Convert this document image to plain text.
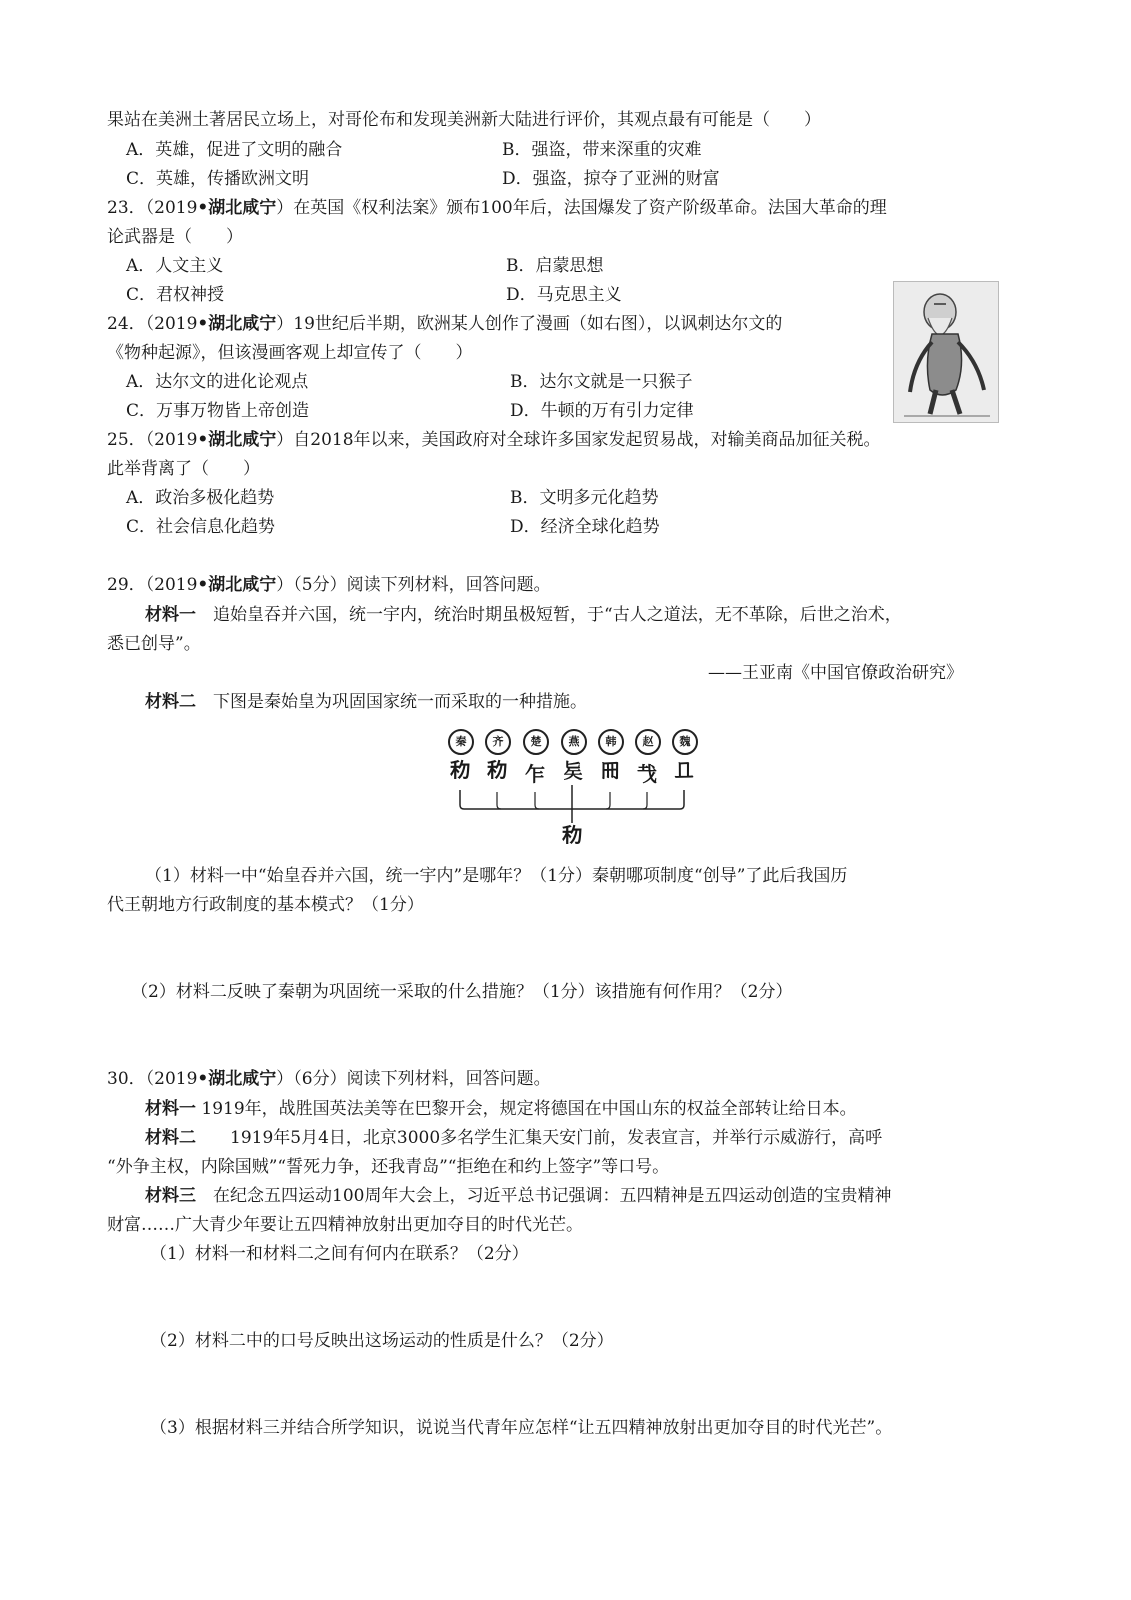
果站在美洲土著居民立场上，对哥伦布和发现美洲新大陆进行评价，其观点最有可能是（　　）
A．英雄，促进了文明的融合	B．强盗，带来深重的灾难
C．英雄，传播欧洲文明	D．强盗，掠夺了亚洲的财富
23．（2019•湖北咸宁）在英国《权利法案》颁布100年后，法国爆发了资产阶级革命。法国大革命的理
论武器是（　　）
A．人文主义	B．启蒙思想
C．君权神授	D．马克思主义
24．（2019•湖北咸宁）19世纪后半期，欧洲某人创作了漫画（如右图），以讽刺达尔文的
《物种起源》，但该漫画客观上却宣传了（　　）
A．达尔文的进化论观点	B．达尔文就是一只猴子
C．万事万物皆上帝创造	D．牛顿的万有引力定律
25．（2019•湖北咸宁）自2018年以来，美国政府对全球许多国家发起贸易战，对输美商品加征关税。
此举背离了（　　）
A．政治多极化趋势	B．文明多元化趋势
C．社会信息化趋势	D．经济全球化趋势
29．（2019•湖北咸宁）（5分）阅读下列材料，回答问题。
材料一　 追始皇吞并六国，统一宇内，统治时期虽极短暂，于“古人之道法，无不革除，后世之治术，
悉已创导”。
——王亚南《中国官僚政治研究》
材料二　 下图是秦始皇为巩固国家统一而采取的一种措施。
秦	齐	楚	燕	韩	赵	魏
𥝢 𥝢 乍 𠤕 𠕁 𢦏 𠀃
𥝢
（1）材料一中“始皇吞并六国，统一宇内”是哪年？（1分）秦朝哪项制度“创导”了此后我国历
代王朝地方行政制度的基本模式？（1分）
（2）材料二反映了秦朝为巩固统一采取的什么措施？（1分）该措施有何作用？（2分）
30．（2019•湖北咸宁）（6分）阅读下列材料，回答问题。
材料一 1919年，战胜国英法美等在巴黎开会，规定将德国在中国山东的权益全部转让给日本。
材料二　　 1919年5月4日，北京3000多名学生汇集天安门前，发表宣言，并举行示威游行，高呼
“外争主权，内除国贼”“誓死力争，还我青岛”“拒绝在和约上签字”等口号。
材料三　 在纪念五四运动100周年大会上，习近平总书记强调：五四精神是五四运动创造的宝贵精神
财富……广大青少年要让五四精神放射出更加夺目的时代光芒。
（1）材料一和材料二之间有何内在联系？（2分）
（2）材料二中的口号反映出这场运动的性质是什么？（2分）
（3）根据材料三并结合所学知识，说说当代青年应怎样“让五四精神放射出更加夺目的时代光芒”。
